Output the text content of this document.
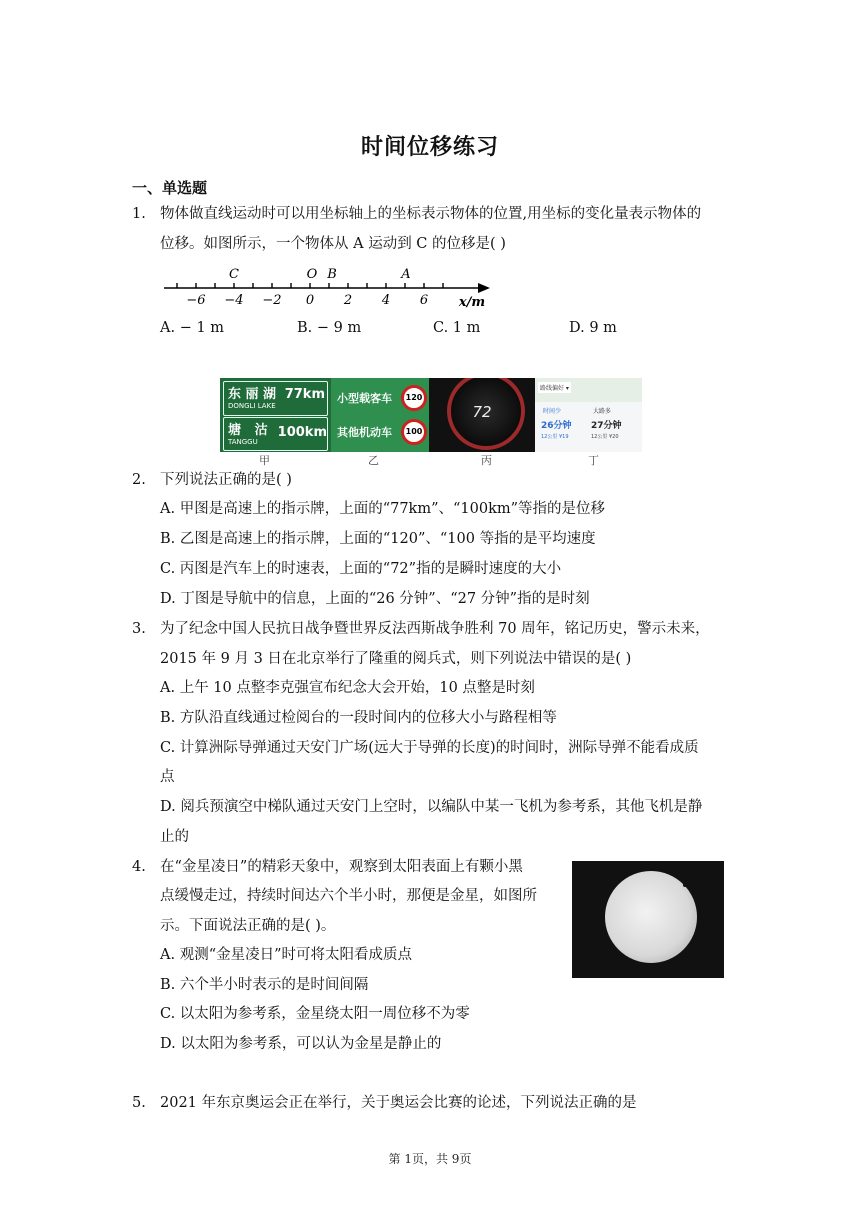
时间位移练习
一、单选题
1. 物体做直线运动时可以用坐标轴上的坐标表示物体的位置,用坐标的变化量表示物体的
位移。如图所示，一个物体从 A 运动到 C 的位移是( )
−6 −4 −2 0 2 4 6
C	O B	A
x/m
A. − 1 m	B. − 9 m	C. 1 m	D. 9 m
东 丽 湖
DONGLI LAKE
77km
塘   沽
TANGGU
100km
小型载客车	120
其他机动车	100
72
路线偏好 ▾
时间少
26分钟
12公里 ¥19
大路多
27分钟
12公里 ¥20
甲	乙	丙	丁
2. 下列说法正确的是( )
A. 甲图是高速上的指示牌，上面的“77km”、“100km”等指的是位移
B. 乙图是高速上的指示牌，上面的“120”、“100 等指的是平均速度
C. 丙图是汽车上的时速表，上面的“72”指的是瞬时速度的大小
D. 丁图是导航中的信息，上面的“26 分钟”、“27 分钟”指的是时刻
3. 为了纪念中国人民抗日战争暨世界反法西斯战争胜利 70 周年，铭记历史，警示未来，
2015 年 9 月 3 日在北京举行了隆重的阅兵式，则下列说法中错误的是( )
A. 上午 10 点整李克强宣布纪念大会开始，10 点整是时刻
B. 方队沿直线通过检阅台的一段时间内的位移大小与路程相等
C. 计算洲际导弹通过天安门广场(远大于导弹的长度)的时间时，洲际导弹不能看成质
点
D. 阅兵预演空中梯队通过天安门上空时，以编队中某一飞机为参考系，其他飞机是静
止的
4. 在“金星凌日”的精彩天象中，观察到太阳表面上有颗小黑
点缓慢走过，持续时间达六个半小时，那便是金星，如图所
示。下面说法正确的是( )。
A. 观测“金星凌日”时可将太阳看成质点
B. 六个半小时表示的是时间间隔
C. 以太阳为参考系，金星绕太阳一周位移不为零
D. 以太阳为参考系，可以认为金星是静止的
5. 2021 年东京奥运会正在举行，关于奥运会比赛的论述，下列说法正确的是
第 1页，共 9页
